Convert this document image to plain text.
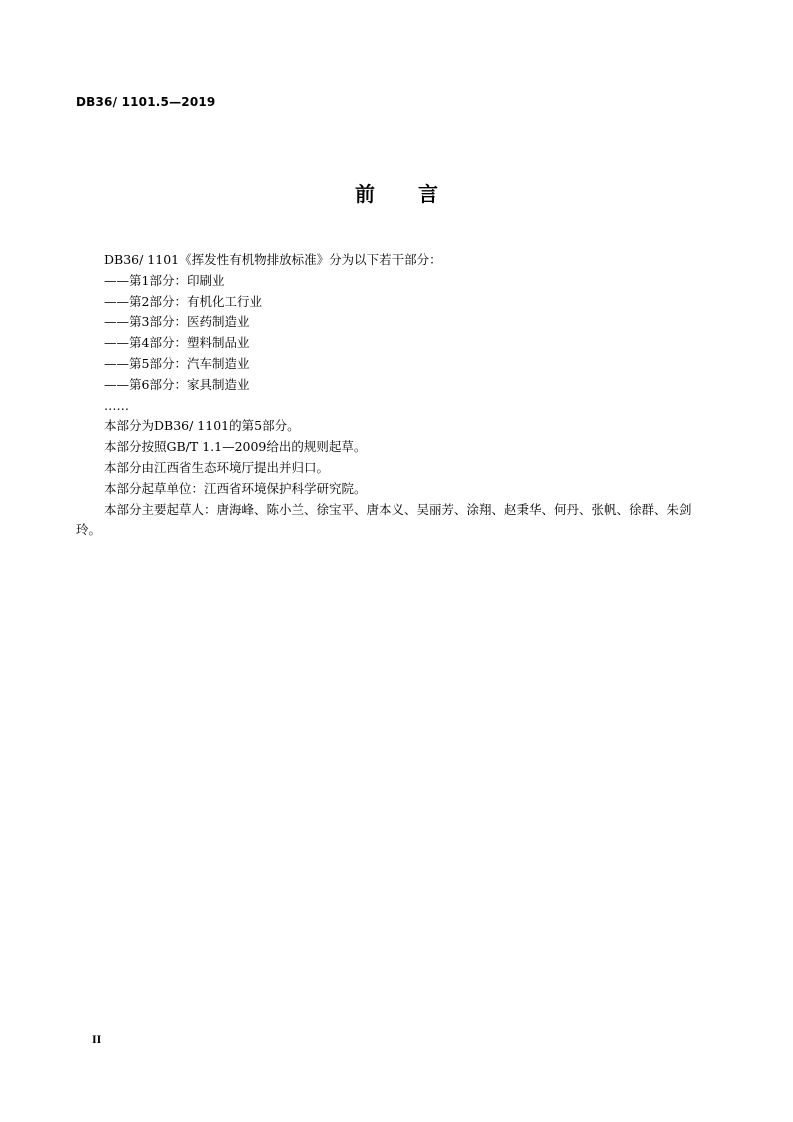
DB36/ 1101.5—2019
前 言
DB36/ 1101《挥发性有机物排放标准》分为以下若干部分：
——第1部分：印刷业
——第2部分：有机化工行业
——第3部分：医药制造业
——第4部分：塑料制品业
——第5部分：汽车制造业
——第6部分：家具制造业
……
本部分为DB36/ 1101的第5部分。
本部分按照GB/T 1.1—2009给出的规则起草。
本部分由江西省生态环境厅提出并归口。
本部分起草单位：江西省环境保护科学研究院。
本部分主要起草人：唐海峰、陈小兰、徐宝平、唐本义、吴丽芳、涂翔、赵秉华、何丹、张帆、徐群、朱剑玲。
II
